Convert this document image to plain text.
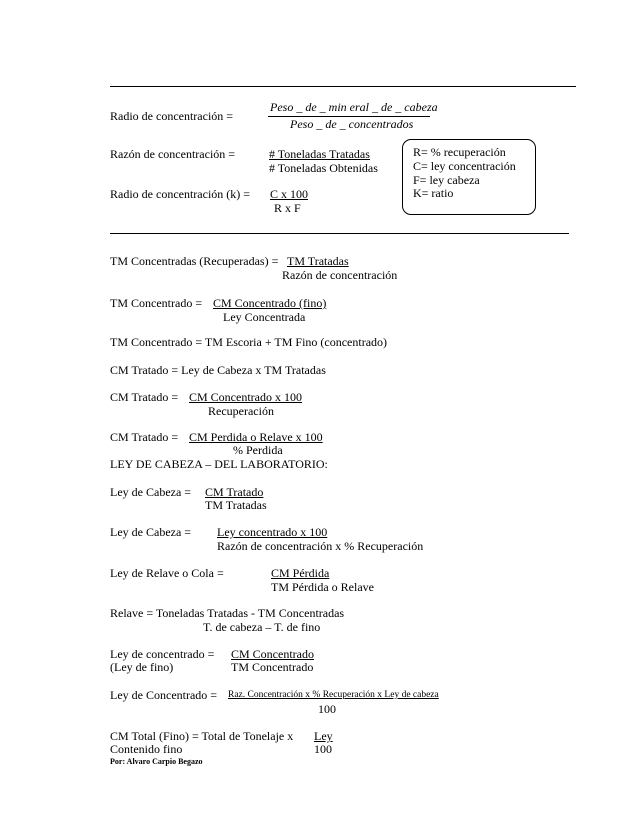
Radio de concentración =
Peso _ de _ min eral _ de _ cabeza
Peso _ de _ concentrados
Razón de concentración =	# Toneladas Tratadas
# Toneladas Obtenidas
Radio de concentración (k) = C x 100
R x F
R= % recuperación
C= ley concentración
F= ley cabeza
K= ratio
TM Concentradas (Recuperadas) = TM Tratadas
Razón de concentración
TM Concentrado = CM Concentrado (fino)
Ley Concentrada
TM Concentrado = TM Escoria + TM Fino (concentrado)
CM Tratado = Ley de Cabeza x TM Tratadas
CM Tratado = CM Concentrado x 100
Recuperación
CM Tratado = CM Perdida o Relave x 100
% Perdida
LEY DE CABEZA – DEL LABORATORIO:
Ley de Cabeza = CM Tratado
TM Tratadas
Ley de Cabeza = Ley concentrado x 100
Razón de concentración x % Recuperación
Ley de Relave o Cola =	CM Pérdida
TM Pérdida o Relave
Relave = Toneladas Tratadas - TM Concentradas
T. de cabeza – T. de fino
Ley de concentrado =
(Ley de fino)
CM Concentrado
TM Concentrado
Ley de Concentrado = Raz. Concentración x % Recuperación x Ley de cabeza
100
CM Total (Fino) = Total de Tonelaje x Ley
Contenido fino	100
Por: Alvaro Carpio Begazo
